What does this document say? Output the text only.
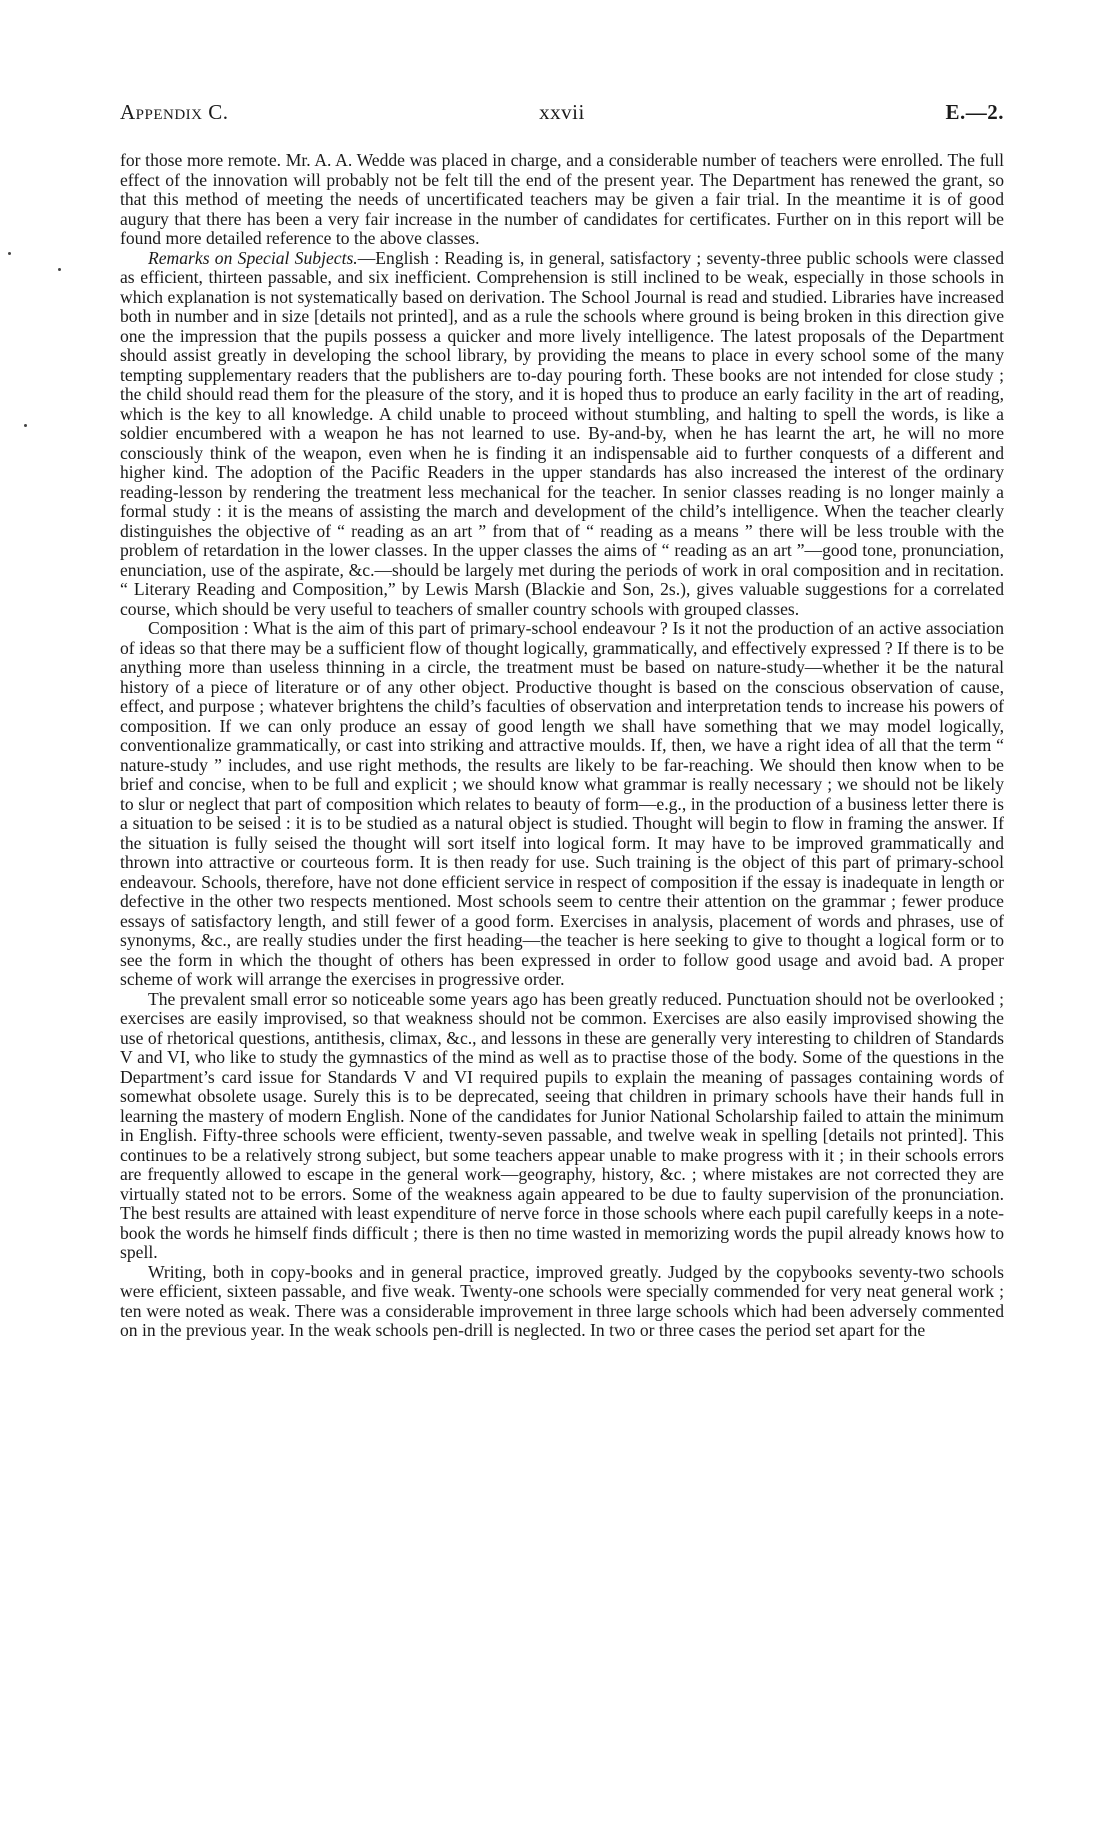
Appendix C.	xxvii	E.—2.

for those more remote. Mr. A. A. Wedde was placed in charge, and a considerable number of teachers were enrolled. The full effect of the innovation will probably not be felt till the end of the present year. The Department has renewed the grant, so that this method of meeting the needs of uncertificated teachers may be given a fair trial. In the meantime it is of good augury that there has been a very fair increase in the number of candidates for certificates. Further on in this report will be found more detailed reference to the above classes.

Remarks on Special Subjects.—English : Reading is, in general, satisfactory ; seventy-three public schools were classed as efficient, thirteen passable, and six inefficient. Comprehension is still inclined to be weak, especially in those schools in which explanation is not systematically based on derivation. The School Journal is read and studied. Libraries have increased both in number and in size [details not printed], and as a rule the schools where ground is being broken in this direction give one the impression that the pupils possess a quicker and more lively intelligence. The latest proposals of the Department should assist greatly in developing the school library, by providing the means to place in every school some of the many tempting supplementary readers that the publishers are to-day pouring forth. These books are not intended for close study ; the child should read them for the pleasure of the story, and it is hoped thus to produce an early facility in the art of reading, which is the key to all knowledge. A child unable to proceed without stumbling, and halting to spell the words, is like a soldier encumbered with a weapon he has not learned to use. By-and-by, when he has learnt the art, he will no more consciously think of the weapon, even when he is finding it an indispensable aid to further conquests of a different and higher kind. The adoption of the Pacific Readers in the upper standards has also increased the interest of the ordinary reading-lesson by rendering the treatment less mechanical for the teacher. In senior classes reading is no longer mainly a formal study : it is the means of assisting the march and development of the child’s intelligence. When the teacher clearly distinguishes the objective of “ reading as an art ” from that of “ reading as a means ” there will be less trouble with the problem of retardation in the lower classes. In the upper classes the aims of “ reading as an art ”—good tone, pronunciation, enunciation, use of the aspirate, &c.—should be largely met during the periods of work in oral composition and in recitation. “ Literary Reading and Composition,” by Lewis Marsh (Blackie and Son, 2s.), gives valuable suggestions for a correlated course, which should be very useful to teachers of smaller country schools with grouped classes.

Composition : What is the aim of this part of primary-school endeavour ? Is it not the production of an active association of ideas so that there may be a sufficient flow of thought logically, grammatically, and effectively expressed ? If there is to be anything more than useless thinning in a circle, the treatment must be based on nature-study—whether it be the natural history of a piece of literature or of any other object. Productive thought is based on the conscious observation of cause, effect, and purpose ; whatever brightens the child’s faculties of observation and interpretation tends to increase his powers of composition. If we can only produce an essay of good length we shall have something that we may model logically, conventionalize grammatically, or cast into striking and attractive moulds. If, then, we have a right idea of all that the term “ nature-study ” includes, and use right methods, the results are likely to be far-reaching. We should then know when to be brief and concise, when to be full and explicit ; we should know what grammar is really necessary ; we should not be likely to slur or neglect that part of composition which relates to beauty of form—e.g., in the production of a business letter there is a situation to be seised : it is to be studied as a natural object is studied. Thought will begin to flow in framing the answer. If the situation is fully seised the thought will sort itself into logical form. It may have to be improved grammatically and thrown into attractive or courteous form. It is then ready for use. Such training is the object of this part of primary-school endeavour. Schools, therefore, have not done efficient service in respect of composition if the essay is inadequate in length or defective in the other two respects mentioned. Most schools seem to centre their attention on the grammar ; fewer produce essays of satisfactory length, and still fewer of a good form. Exercises in analysis, placement of words and phrases, use of synonyms, &c., are really studies under the first heading—the teacher is here seeking to give to thought a logical form or to see the form in which the thought of others has been expressed in order to follow good usage and avoid bad. A proper scheme of work will arrange the exercises in progressive order.

The prevalent small error so noticeable some years ago has been greatly reduced. Punctuation should not be overlooked ; exercises are easily improvised, so that weakness should not be common. Exercises are also easily improvised showing the use of rhetorical questions, antithesis, climax, &c., and lessons in these are generally very interesting to children of Standards V and VI, who like to study the gymnastics of the mind as well as to practise those of the body. Some of the questions in the Department’s card issue for Standards V and VI required pupils to explain the meaning of passages containing words of somewhat obsolete usage. Surely this is to be deprecated, seeing that children in primary schools have their hands full in learning the mastery of modern English. None of the candidates for Junior National Scholarship failed to attain the minimum in English. Fifty-three schools were efficient, twenty-seven passable, and twelve weak in spelling [details not printed]. This continues to be a relatively strong subject, but some teachers appear unable to make progress with it ; in their schools errors are frequently allowed to escape in the general work—geography, history, &c. ; where mistakes are not corrected they are virtually stated not to be errors. Some of the weakness again appeared to be due to faulty supervision of the pronunciation. The best results are attained with least expenditure of nerve force in those schools where each pupil carefully keeps in a note-book the words he himself finds difficult ; there is then no time wasted in memorizing words the pupil already knows how to spell.

Writing, both in copy-books and in general practice, improved greatly. Judged by the copybooks seventy-two schools were efficient, sixteen passable, and five weak. Twenty-one schools were specially commended for very neat general work ; ten were noted as weak. There was a considerable improvement in three large schools which had been adversely commented on in the previous year. In the weak schools pen-drill is neglected. In two or three cases the period set apart for the
